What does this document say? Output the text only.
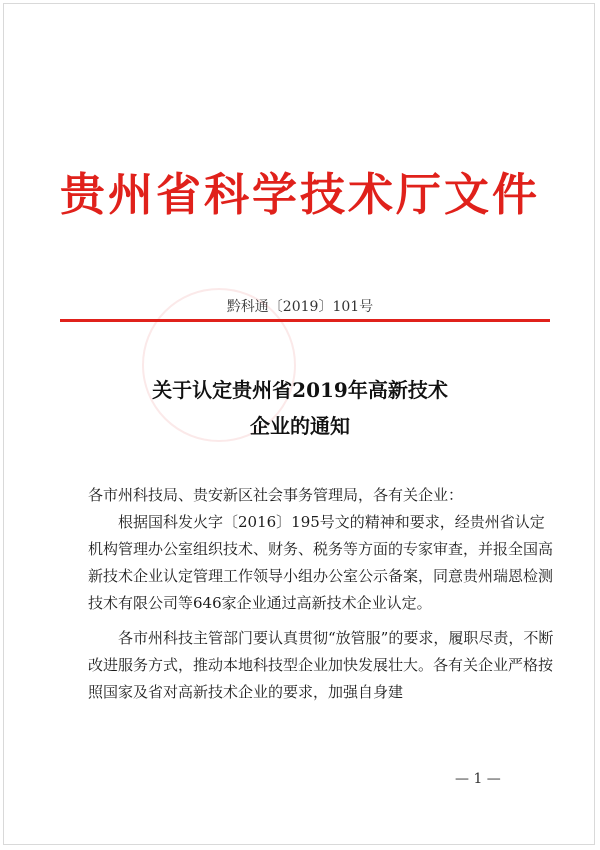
贵州省科学技术厅文件
黔科通〔2019〕101号
关于认定贵州省2019年高新技术
企业的通知

各市州科技局、贵安新区社会事务管理局，各有关企业：

根据国科发火字〔2016〕195号文的精神和要求，经贵州省认定机构管理办公室组织技术、财务、税务等方面的专家审查，并报全国高新技术企业认定管理工作领导小组办公室公示备案，同意贵州瑞恩检测技术有限公司等646家企业通过高新技术企业认定。

各市州科技主管部门要认真贯彻“放管服”的要求，履职尽责，不断改进服务方式，推动本地科技型企业加快发展壮大。各有关企业严格按照国家及省对高新技术企业的要求，加强自身建

— 1 —
